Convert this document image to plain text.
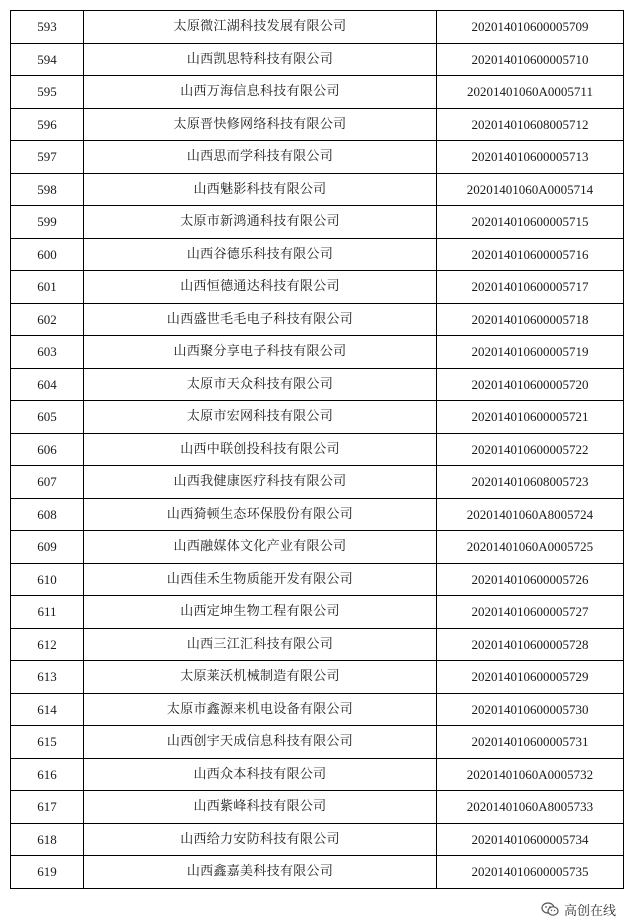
593	太原微江湖科技发展有限公司	202014010600005709
594	山西凯思特科技有限公司	202014010600005710
595	山西万海信息科技有限公司	20201401060A0005711
596	太原晋快修网络科技有限公司	202014010608005712
597	山西思而学科技有限公司	202014010600005713
598	山西魅影科技有限公司	20201401060A0005714
599	太原市新鸿通科技有限公司	202014010600005715
600	山西谷德乐科技有限公司	202014010600005716
601	山西恒德通达科技有限公司	202014010600005717
602	山西盛世毛毛电子科技有限公司	202014010600005718
603	山西聚分享电子科技有限公司	202014010600005719
604	太原市天众科技有限公司	202014010600005720
605	太原市宏网科技有限公司	202014010600005721
606	山西中联创投科技有限公司	202014010600005722
607	山西我健康医疗科技有限公司	202014010608005723
608	山西猗顿生态环保股份有限公司	20201401060A8005724
609	山西融媒体文化产业有限公司	20201401060A0005725
610	山西佳禾生物质能开发有限公司	202014010600005726
611	山西定坤生物工程有限公司	202014010600005727
612	山西三江汇科技有限公司	202014010600005728
613	太原莱沃机械制造有限公司	202014010600005729
614	太原市鑫源来机电设备有限公司	202014010600005730
615	山西创宇天成信息科技有限公司	202014010600005731
616	山西众本科技有限公司	20201401060A0005732
617	山西紫峰科技有限公司	20201401060A8005733
618	山西给力安防科技有限公司	202014010600005734
619	山西鑫嘉美科技有限公司	202014010600005735
高创在线
